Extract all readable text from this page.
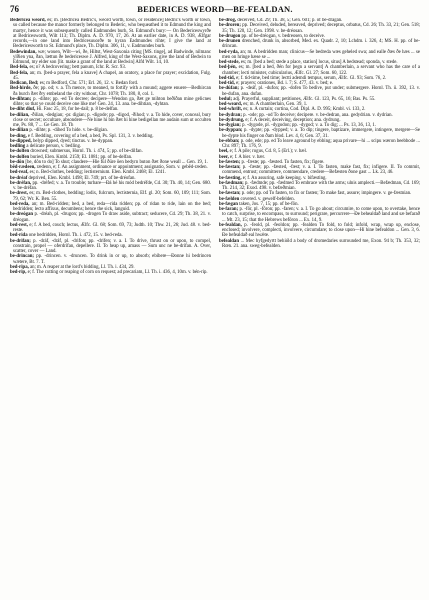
76	BEDERICES WEORD—BE-FEALDAN.

Bedericea weord, es; m. [Bedricea Bedric's, weord worth, town, or residence] Bedric's worth or town, so called because the manor formerly belonged to Bederic, who bequeathed it to Edmund the king and martyr, hence it was subsequently called Eadmundes burh, St. Edmund's bury:— On Bedericeswyrðe at Bedricesworth, Wilt 113; Th. Diplm. A. D. 970, 17, 26. At an earlier date, in A. D. 938, Ælfgar records,—in one land into Bedricesuuorðe to hyran Eadmundes rihte; I give the land at Bedericesworth to St. Edmund's place, Th. Diplm. 306, 11, v. Eadmundes burh.

Bedewindan, wæ; wouen, Wilt—wi, ðe, Hiltst, West-Saxonia citing [MS. tinge], ad Badwinde, nilmanc ylðien yna, ðan, lættun ðe bedericeswe J. Alfred, king of the West-Saxons, give the land of Bedwin to Edmund, my elder son [lit. make a grant of the land at Bedwin] Alfd Wilt. 14, 10.

Bed-fela, es; n? A bedcovering; bett panum, Ichr. R. Scr. 93.

Bed-fela, an; m. [bed-a prayer, fela a knave] A chapel, an oratory, a place for prayer; excidation, Fulg. 45.

Bedican, Bed; es; m Bedford, Chr. 571; Erl. 26, 12. v. Bedan ford.

Bed-hirde, ðe; pp. od; v. a. Th mence, to meaned, to fortify with a mound; aggere enuere—Bedhircan ða burch ðæt ðry embeland the city without, Chr. 1078; Th. 180, 8, col. 1.

be-dihtan; p. -dihte; pp. -ed To decree; decipere—Wendon ga, ðæt ge mihton beðiðan mine gelicnes dihte; so that ye could deceive one like me! Gen. 24, 13. ana. be-dihtian, -dyhtan.

be-diht diuf, Hi. Fasc 25, 18, for be-dail; p. 8 be-delfan.

be-dilian, -ðilian, -dedgian; -pr. digian; p. -digode; pp. -digod, -ðihod; v. a. To hide, cover, conceal, bury close or secret; occultare, absondere—Ne hine hi bin ðæt hi hine bedigellan me audain sum ut occulten me, Ps. 88, 7 ... Ge Gen. 18. Th

be-dilian p. -dihte; p. -dihed To hide. v. be-dilgian.

be-ding, e f. Bedding, covering of a bed, a bed, Ps. Spl. 131, 3. v. bedding.

be-dipped, belyp dipped, dyed; tinctus. v. be-dyppan.

bedling a delicate person, v. bedling.

be-dolfen drowned; submersus, Hornl. Th. i. 474, 5; pp. of be-dilfan.

be-dolfen buried, Elen. Kmbl. 2159; El. 1081; pp. of be-delfan.

be-dôn [be, dôn to do] To shut; claudere—Hie fül ðüre ôen bedyrn buton ðæt ðone weall ... Gen. 19, 1.

bêd-rædeen, rædenn, e; f. An assignment, ordinance or appointment; assignatio, Som. v. gebêd-ræden.

bed-reaf, es; n. Bed-clothes, bedding; lectisternium. Elen. Kmbl. 2468; El. 1241.

be-dréaf deprived, Elen. Kmbl. 1498; El. 749; prt. of be-dréofan.

be-dréfan, pp. -dréfed; v. a. To trouble; turbare—Ðá hé his mód bedréfde, Cd. 30; Th. 40, 14; Gen. 680. v. be-dréfan.

be-drest, es; m. Bed-clothes, bedding; lodix, fulcrum, lectisternia, Elf. gl. 20; Som. 60, 109; 111; Som. 79, 62; Wr. K. Ben. 55.

bed-reda, an; m. Bed-ridden; bed, a bed, reda—rida ridden; pp. of ridan to ride, lain on the bed; bedridden; lecto affixus, decumbens; hence the sick, languid.

be-dreógan p. -dréah, pl. -drugon; pp. -drogen To draw aside, subtract; seducere, Cd. 29; Th. 38, 21. v. dréogan.

bed-rest, e; f. A bed, couch; lectus, Ælfc. Gl. 68; Som. 69, 73; Judth. 10; Thw. 21, 26; Jud. 48. v. bed-reste.

bed-rida one bedridden, Hornl. Th. i. 472, 15. v. bed-reda.

be-drifan; p. -dráf, -dráf, pl. -drifon; pp. -drifen; v. a. I. To drive, thrust on or upon, to compel, constrain, propel — oferdrifan, depellere. II. To heap up, amass — Sum unc ne be-drifan. A. Over, scatter, cover — Land.

be-drincan; pp. -drincen. v. -druncen. To drink in or up, to absorb; ebibere—Ðonne hi bedrincen wætere, Bt. 7. T.

bed-ripa, an; m. A reaper at the lord's bidding, Ll. Th. i. 434, 29.

bed-rip, e; f. The cutting or reaping of corn on request; ad precariam, Ll. Th. i. 436, 4, 10m. v. bén-rip.

be-drog, deceived, Cd. 29; Th. 38, 5; Gen. 601; p. of be-dragan.

be-droren; pp. Deceived, deluded, bereaved, deprived; deceptus, orbatus, Cd. 26; Th. 33, 21; Gen. 518; 35; Th. 120, 12; Gen. 1998. v. be-dréosan.

be-drugon pp. of be-dréogan, v. bedreosen, to deceive.

be-drunen drenched, drunk in, absorbed, Med. ex. Quadr. 2, 10; Lchdm. i. 326, 4; MS. H. pp. of be-drincan.

bed-ryda, an; m. A bedridden man; clinicus—Se bedreda wæs geheled swa; and ealle ðæs ðe hæs ... se men on hringe hæse se ...

bed-stede, es; m. [bed a bed; stede a place, station] locus, situs] A bedstead; sponda, v. stede.

bed-þén, es; m. [bed a bed, ðén for þegn a servant] A chamberlain, a servant who has the care of a chamber; lecti minister, cubicularius, Ælfc. Gl. 27; Som. 60, 122.

bed-tid, e; f. tid-time, bed time; lectti ademdi tempus, serum, Ælfc. Gl. 93; Som. 76, 2.

bed-tid, e; prayers; orationes, Bd. i. 7; S. 477, 43. v. bed; e.

be-dúfan; p. -deáf, pl. -dufon; pp. -dofen To bedive, put under; submergere. Hornl. Th. ii. 392, 13. v. be-dufan, ana. dufan.

bedul; adj. Prayerful, suppliant; petitiones, Ælfc. Gl. 123, Ps. 65, 16; Bas. Ps. 55.

bed-weard, es; m. A chamberlain, Gen. 39, 1.

bed-whrift, es; n. A curtain; cortina, Cod. Dipl. A. D. 995; Kmbl. vi. 133, 2.

be-dydran; p. -ode; pp. -od To deceive; decipere. v. be-dedran, ana. gedydrian. v. dydrian.

be-dydrung, e; f. A deceit, deceiving, deception; ana. dydrung.

be-dygian; p. -dygode, pl. -dygodon; pp. -dygod; v. a. To dig; ... Ps. 13, 36, 13, 1.

be-dyppan; p. -dypte; pp. -dypped; v. a. To dip; tingere, baptizare, immergere, intingere, mergere—Se be-dypte his finger on ðam blod. Lev. 4, 6; Gen. 37, 31.

be-ebban; p. ode, ede; pp. ed To leave aground by ebbing; aqua privare—hi ... scipu wæron beebbode ... Chr. 897; Th. 176, 9.

beel, e; f. A pile; rogus, Cd. 8, 5 (Erl.); v. bæl.

beer, e; f. A bier. v. bær.

be-fæsten; p. -fæste; pp. -fæsted. To fasten, fix; figere.

be-fæstan; p. -fæste; pp. -fæsted, -fæst; v. a. I. To fasten, make fast, fix; infigere. II. To commit, commend, entrust; committere, commendare, credere—Befæsten ðone gast ... Lk. 23, 46.

be-fæsting, e; f. An assuring, safe keeping. v. bifæsting.

be-fædman; p. -fædmde; pp. -fædmed To embrace with the arms; ulnis amplecti.—Befædman, Cd. 169; Th. 214, 32; Exod. 498. v. befæðmian.

be-fæstan; p. ode; pp. od To fasten, to fix or fasten; To make fast, assure; impingere. v. ge-fæstnian.

be-fælden covered. v. gewelf-befelden.

be-fægan taken, Jos. 7, 15; pp. of be-fôn.

be-faran; p. -fôr, pl. -fôron; pp. -faren; v. a. I. To go about; circumire, to come upon, to overtake, hence to catch, surprise, to encompass, to surround; perigrare, percurrere—Ðe behealdað land and sæ befarað ... Mt. 23, 15; that the Hebrews befōron ... Ex. 14, 9.

be-fealdan, p. -feold, pl. -feoldon; pp. -fealden To fold, to fold; infold, wrap, wrap up, enclose, enclosed; involvere, complecti, involvere, circumdare; to close upon—Hí hine befealdon ... Gen. 3, 6. Ðe befealdað eal hwǽte.

befealdan ... Mec hyfgedyrtt behióld a body of dromedaries surrounded me, Exon. 94 b; Th. 353, 32; Rœn. 21. ana. sweg-befealden.
